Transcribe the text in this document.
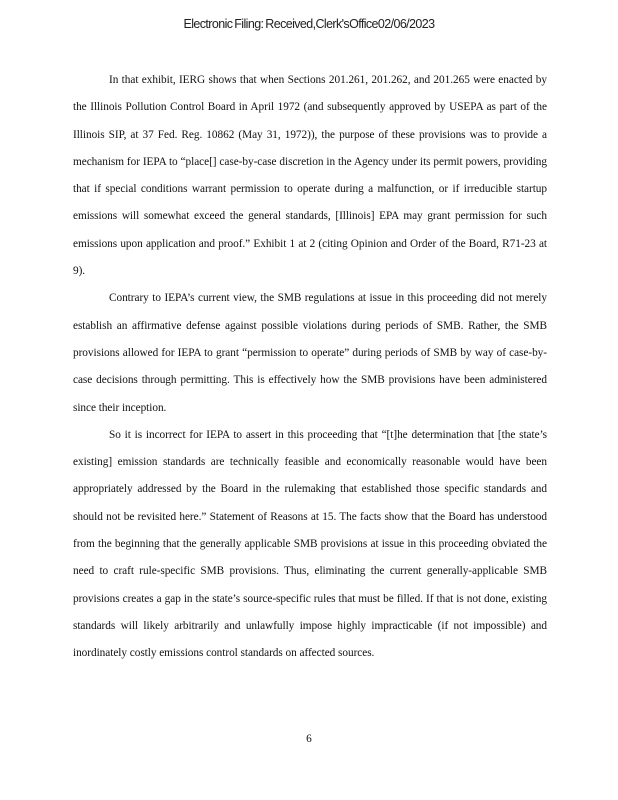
Electronic Filing: Received,Clerk'sOffice02/06/2023

In that exhibit, IERG shows that when Sections 201.261, 201.262, and 201.265 were enacted by the Illinois Pollution Control Board in April 1972 (and subsequently approved by USEPA as part of the Illinois SIP, at 37 Fed. Reg. 10862 (May 31, 1972)), the purpose of these provisions was to provide a mechanism for IEPA to “place[] case-by-case discretion in the Agency under its permit powers, providing that if special conditions warrant permission to operate during a malfunction, or if irreducible startup emissions will somewhat exceed the general standards, [Illinois] EPA may grant permission for such emissions upon application and proof.” Exhibit 1 at 2 (citing Opinion and Order of the Board, R71-23 at 9).

Contrary to IEPA’s current view, the SMB regulations at issue in this proceeding did not merely establish an affirmative defense against possible violations during periods of SMB. Rather, the SMB provisions allowed for IEPA to grant “permission to operate” during periods of SMB by way of case-by-case decisions through permitting. This is effectively how the SMB provisions have been administered since their inception.

So it is incorrect for IEPA to assert in this proceeding that “[t]he determination that [the state’s existing] emission standards are technically feasible and economically reasonable would have been appropriately addressed by the Board in the rulemaking that established those specific standards and should not be revisited here.” Statement of Reasons at 15. The facts show that the Board has understood from the beginning that the generally applicable SMB provisions at issue in this proceeding obviated the need to craft rule-specific SMB provisions. Thus, eliminating the current generally-applicable SMB provisions creates a gap in the state’s source-specific rules that must be filled. If that is not done, existing standards will likely arbitrarily and unlawfully impose highly impracticable (if not impossible) and inordinately costly emissions control standards on affected sources.

6
